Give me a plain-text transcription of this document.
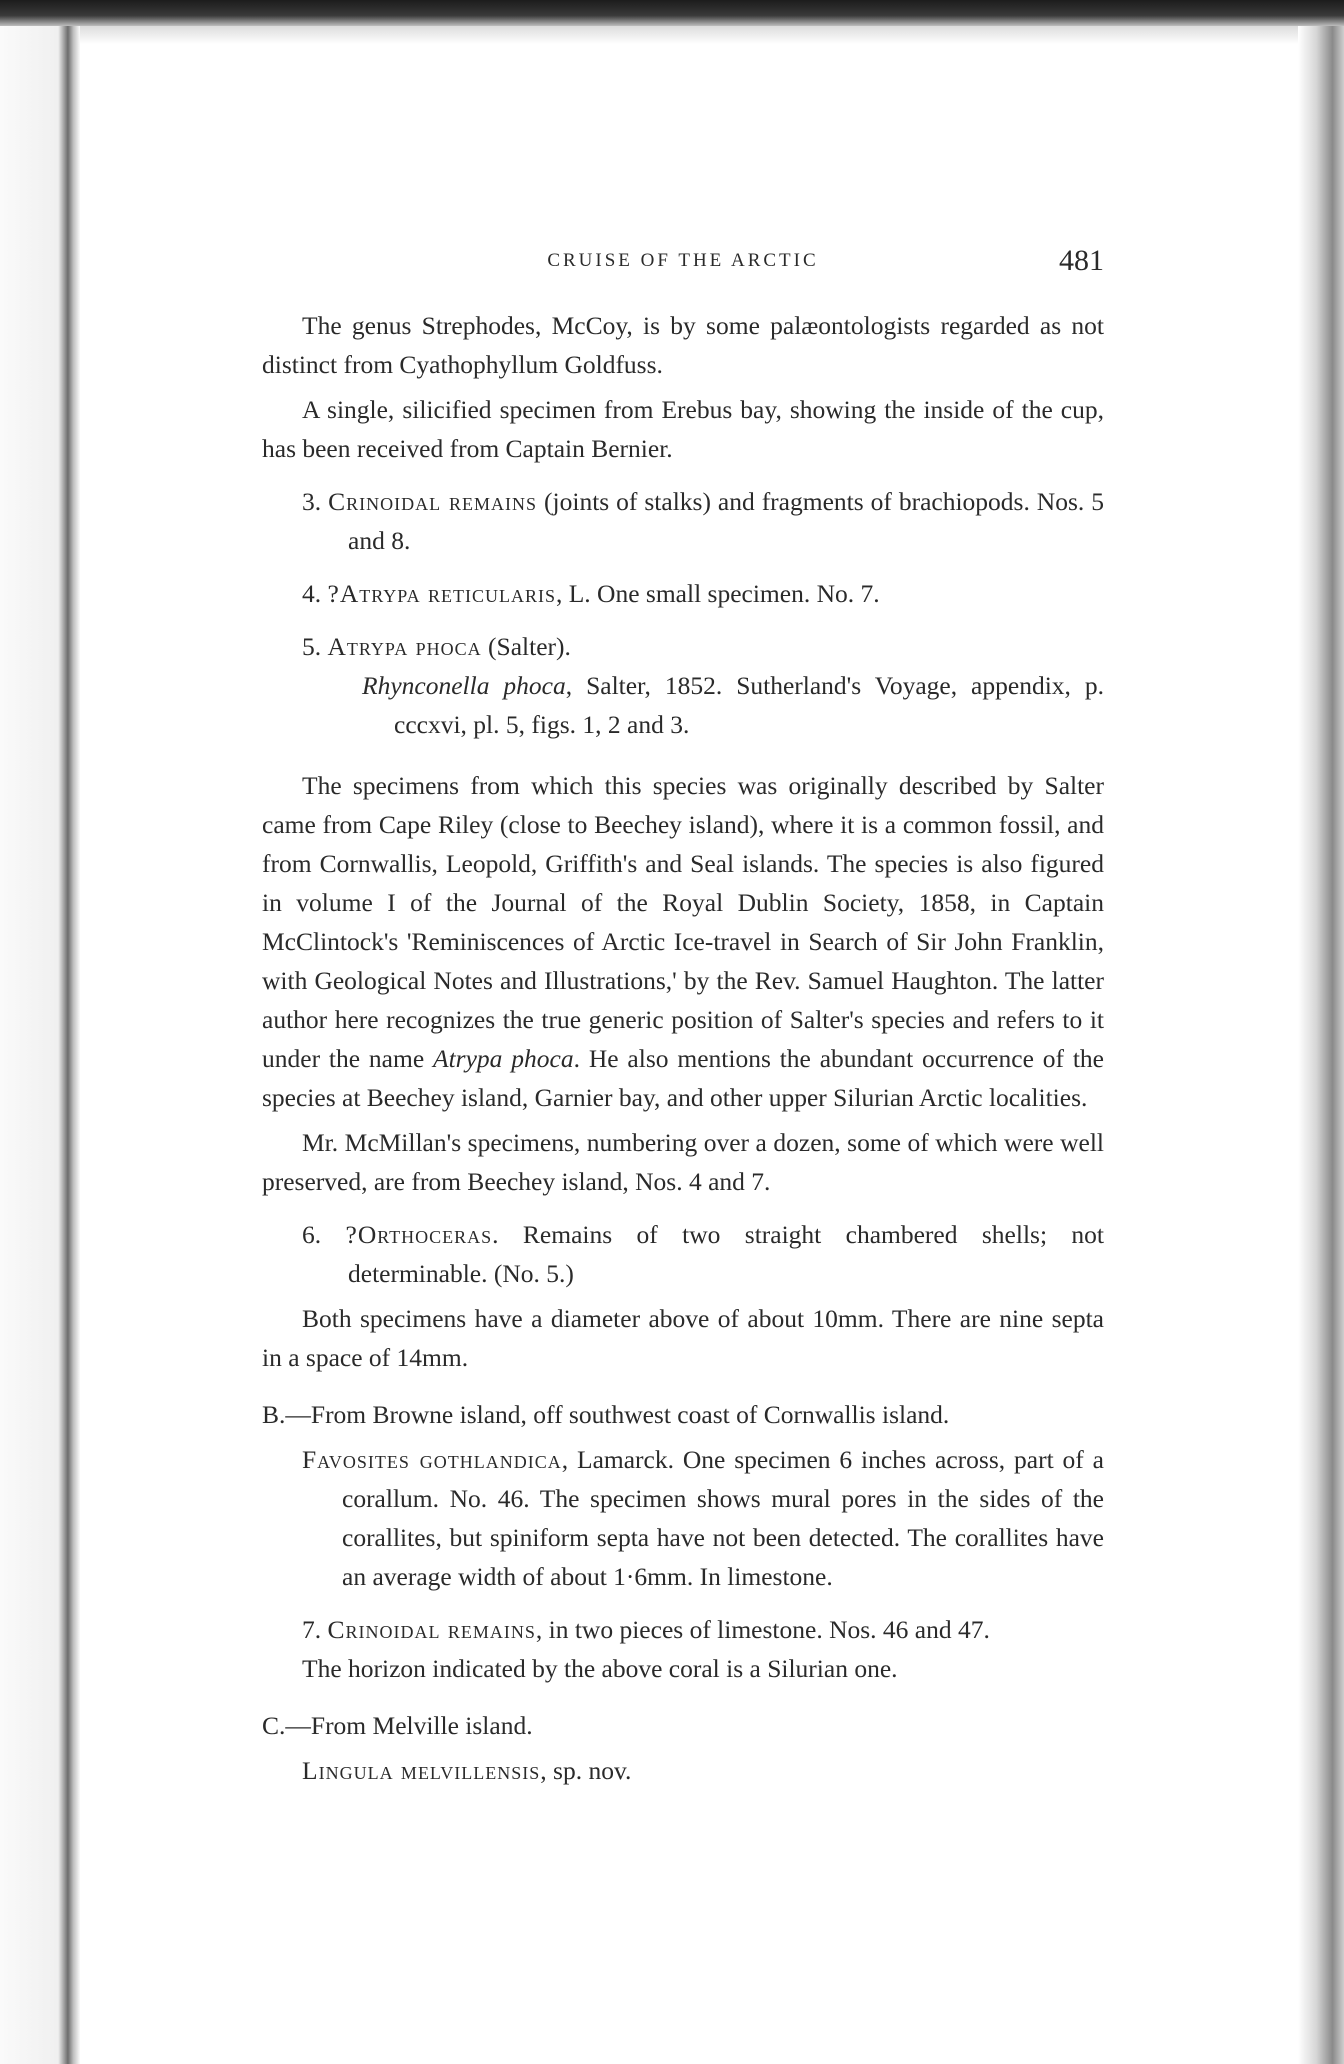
CRUISE OF THE ARCTIC	481

The genus Strephodes, McCoy, is by some palæontologists regarded as not distinct from Cyathophyllum Goldfuss.

A single, silicified specimen from Erebus bay, showing the inside of the cup, has been received from Captain Bernier.

3. Crinoidal remains (joints of stalks) and fragments of brachiopods. Nos. 5 and 8.

4. ?Atrypa reticularis, L. One small specimen. No. 7.

5. Atrypa phoca (Salter).

Rhynconella phoca, Salter, 1852. Sutherland's Voyage, appendix, p. cccxvi, pl. 5, figs. 1, 2 and 3.

The specimens from which this species was originally described by Salter came from Cape Riley (close to Beechey island), where it is a common fossil, and from Cornwallis, Leopold, Griffith's and Seal islands. The species is also figured in volume I of the Journal of the Royal Dublin Society, 1858, in Captain McClintock's 'Reminiscences of Arctic Ice-travel in Search of Sir John Franklin, with Geological Notes and Illustrations,' by the Rev. Samuel Haughton. The latter author here recognizes the true generic position of Salter's species and refers to it under the name Atrypa phoca. He also mentions the abundant occurrence of the species at Beechey island, Garnier bay, and other upper Silurian Arctic localities.

Mr. McMillan's specimens, numbering over a dozen, some of which were well preserved, are from Beechey island, Nos. 4 and 7.

6. ?Orthoceras. Remains of two straight chambered shells; not determinable. (No. 5.)

Both specimens have a diameter above of about 10mm. There are nine septa in a space of 14mm.

B.—From Browne island, off southwest coast of Cornwallis island.

Favosites gothlandica, Lamarck. One specimen 6 inches across, part of a corallum. No. 46. The specimen shows mural pores in the sides of the corallites, but spiniform septa have not been detected. The corallites have an average width of about 1·6mm. In limestone.

7. Crinoidal remains, in two pieces of limestone. Nos. 46 and 47.

The horizon indicated by the above coral is a Silurian one.

C.—From Melville island.

Lingula melvillensis, sp. nov.
